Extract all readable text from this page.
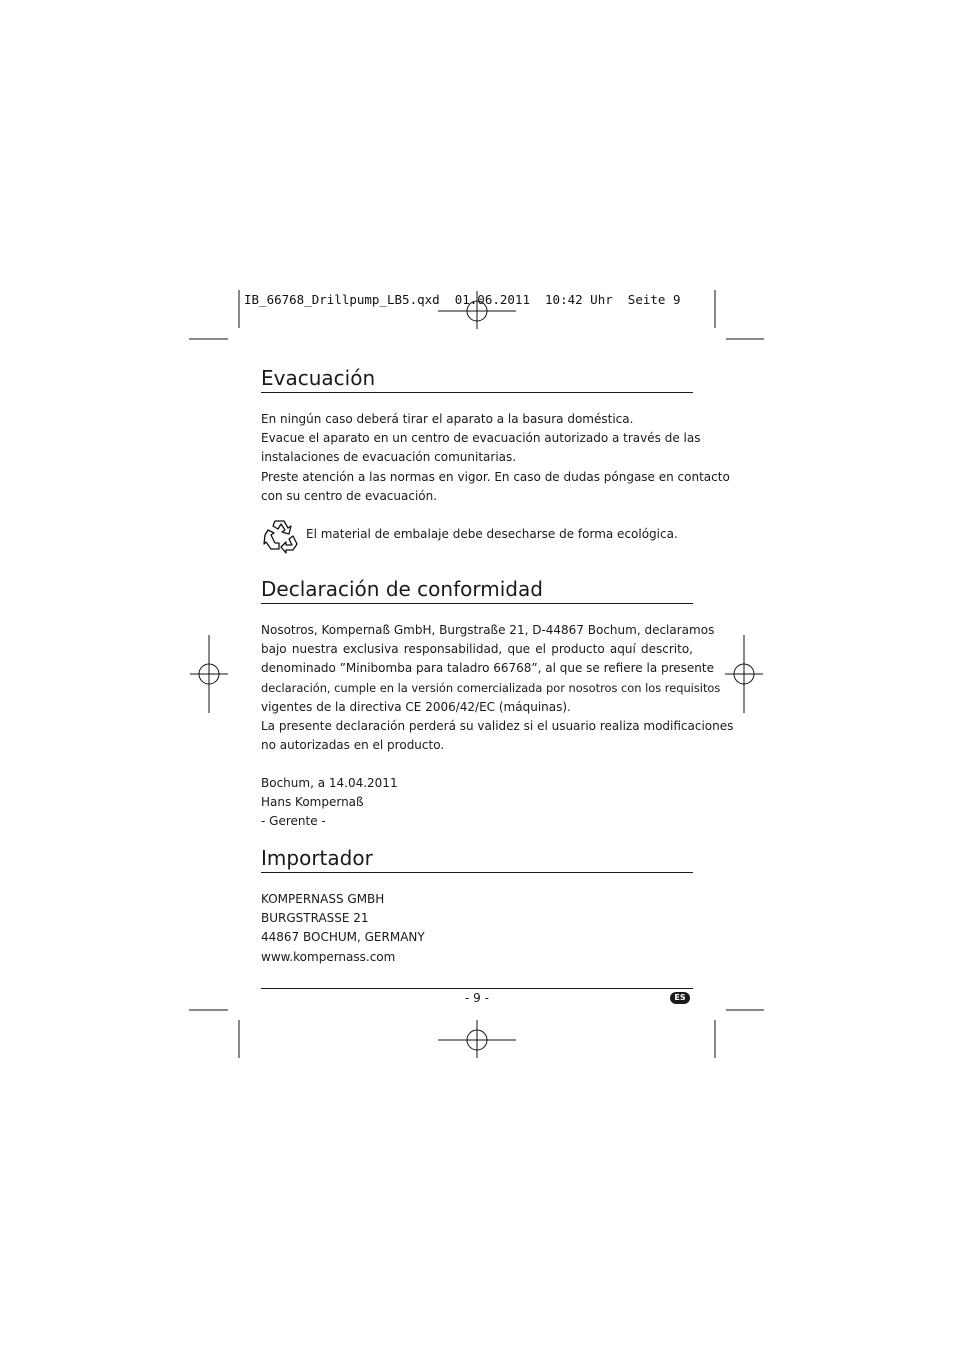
IB_66768_Drillpump_LB5.qxd  01.06.2011  10:42 Uhr  Seite 9
Evacuación
En ningún caso deberá tirar el aparato a la basura doméstica.
Evacue el aparato en un centro de evacuación autorizado a través de las
instalaciones de evacuación comunitarias.
Preste atención a las normas en vigor. En caso de dudas póngase en contacto
con su centro de evacuación.
El material de embalaje debe desecharse de forma ecológica.
Declaración de conformidad
Nosotros, Kompernaß GmbH, Burgstraße 21, D-44867 Bochum, declaramos
bajo nuestra exclusiva responsabilidad, que el producto aquí descrito,
denominado ”Minibomba para taladro 66768”, al que se refiere la presente
declaración, cumple en la versión comercializada por nosotros con los requisitos
vigentes de la directiva CE 2006/42/EC (máquinas).
La presente declaración perderá su validez si el usuario realiza modificaciones
no autorizadas en el producto.
Bochum, a 14.04.2011
Hans Kompernaß
- Gerente -
Importador
KOMPERNASS GMBH
BURGSTRASSE 21
44867 BOCHUM, GERMANY
www.kompernass.com
- 9 -	ES
